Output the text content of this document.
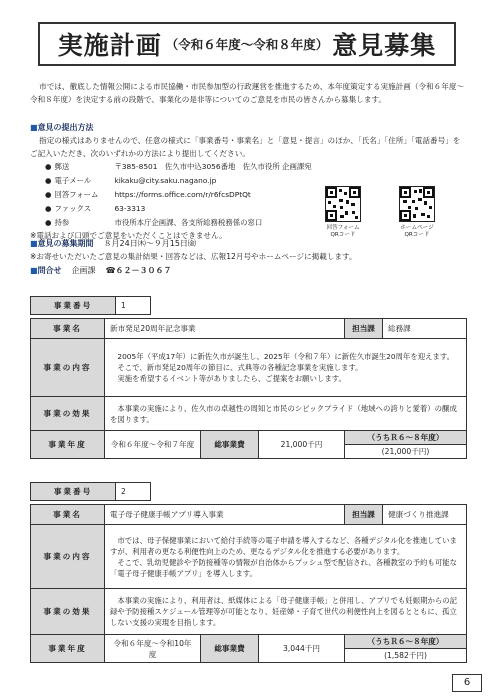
実施計画 （令和６年度～令和８年度） 意見募集
市では、徹底した情報公開による市民協働・市民参加型の行政運営を推進するため、本年度策定する実施計画（令和６年度～令和８年度）を決定する前の段階で、事業化の是非等についてのご意見を市民の皆さんから募集します。
■意見の提出方法
指定の様式はありませんので、任意の様式に「事業番号・事業名」と「意見・提言」のほか、「氏名」「住所」「電話番号」をご記入いただき、次のいずれかの方法により提出してください。
● 郵送	〒385-8501　佐久市中込3056番地　佐久市役所 企画課宛
● 電子メール	kikaku@city.saku.nagano.jp
● 回答フォーム https://forms.office.com/r/r6fcsDPtQt
● ファックス	63-3313
● 持参	市役所本庁企画課、各支所総務税務係の窓口
※電話および口頭でご意見をいただくことはできません。
回答フォーム
QRコード
ホームページ
QRコード
■意見の募集期間 ８月24日㈭～９月15日㈮
※お寄せいただいたご意見の集計結果・回答などは、広報12月号やホームページに掲載します。
■問合せ 企画課 ☎６２－３０６７
事業番号	1
事業名	新市発足20周年記念事業			担当課	総務課
事業の内容	　2005年（平成17年）に新佐久市が誕生し、2025年（令和７年）に新佐久市誕生20周年を迎えます。
　そこで、新市発足20周年の節目に、式典等の各種記念事業を実施します。
　実施を希望するイベント等がありましたら、ご提案をお願いします。				
事業の効果	　本事業の実施により、佐久市の卓越性の周知と市民のシビックプライド（地域への誇りと愛着）の醸成を図ります。				
事業年度	令和６年度～令和７年度	総事業費	21,000千円	（うちＲ６～８年度）	
				(21,000千円)	
事業番号	2
事業名	電子母子健康手帳アプリ導入事業			担当課	健康づくり推進課
事業の内容	　市では、母子保健事業において給付手続等の電子申請を導入するなど、各種デジタル化を推進していますが、利用者の更なる利便性向上のため、更なるデジタル化を推進する必要があります。
　そこで、乳幼児健診や予防接種等の情報が自治体からプッシュ型で配信され、各種教室の予約も可能な「電子母子健康手帳アプリ」を導入します。				
事業の効果	　本事業の実施により、利用者は、紙媒体による「母子健康手帳」と併用し、アプリでも妊娠期からの記録や予防接種スケジュール管理等が可能となり、妊産婦・子育て世代の利便性向上を図るとともに、孤立しない支援の実現を目指します。				
事業年度	令和６年度～令和10年度	総事業費	3,044千円	（うちＲ６～８年度）	
				(1,582千円)	
6
